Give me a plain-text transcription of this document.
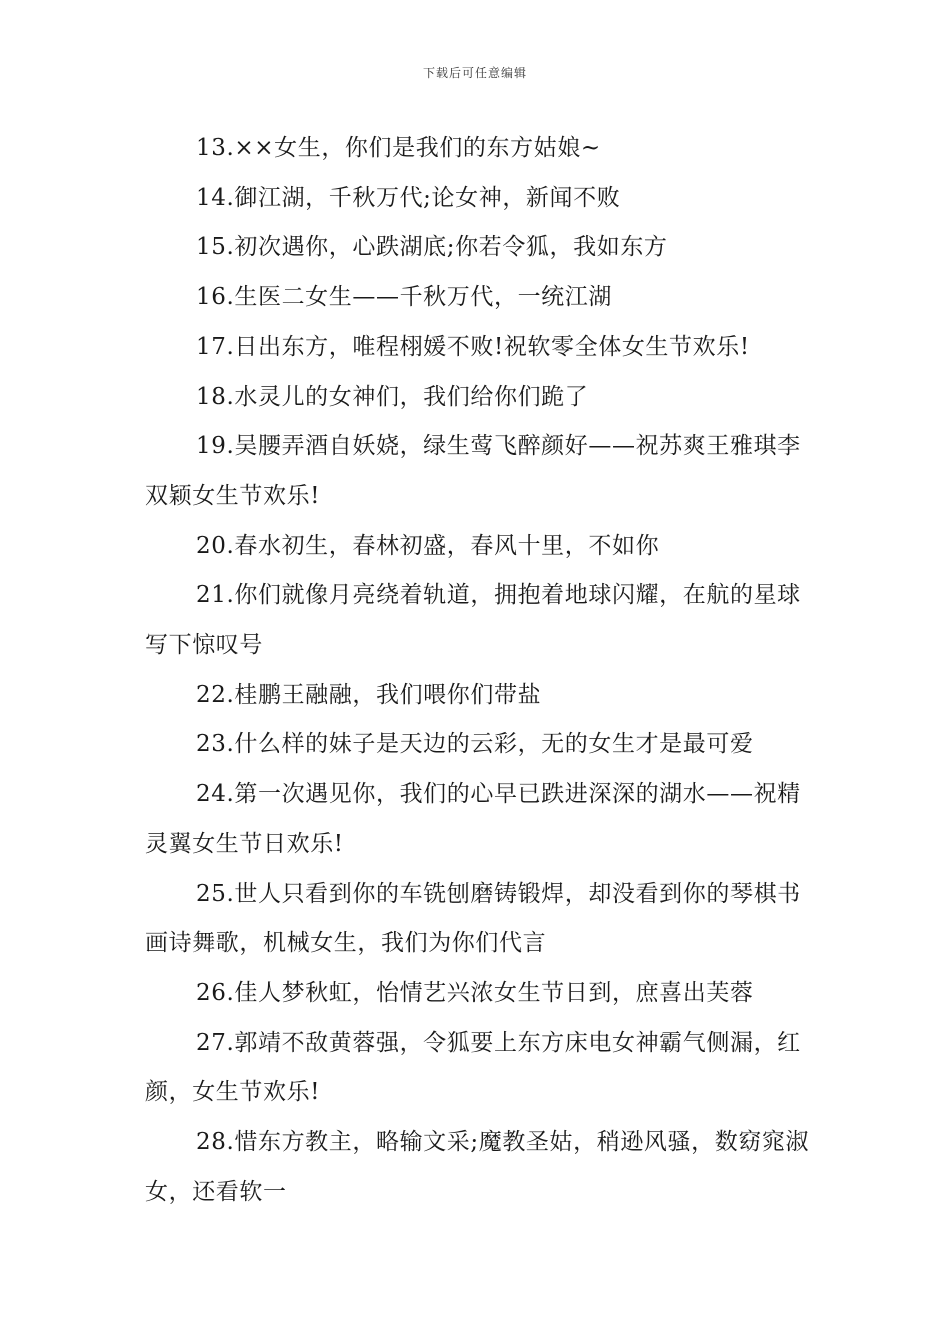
下载后可任意编辑

13.××女生，你们是我们的东方姑娘~

14.御江湖，千秋万代;论女神，新闻不败

15.初次遇你，心跌湖底;你若令狐，我如东方

16.生医二女生——千秋万代，一统江湖

17.日出东方，唯程栩媛不败!祝软零全体女生节欢乐!

18.水灵儿的女神们，我们给你们跪了

19.吴腰弄酒自妖娆，绿生莺飞醉颜好——祝苏爽王雅琪李双颖女生节欢乐!

20.春水初生，春林初盛，春风十里，不如你

21.你们就像月亮绕着轨道，拥抱着地球闪耀，在航的星球写下惊叹号

22.桂鹏王融融，我们喂你们带盐

23.什么样的妹子是天边的云彩，无的女生才是最可爱

24.第一次遇见你，我们的心早已跌进深深的湖水——祝精灵翼女生节日欢乐!

25.世人只看到你的车铣刨磨铸锻焊，却没看到你的琴棋书画诗舞歌，机械女生，我们为你们代言

26.佳人梦秋虹，怡情艺兴浓女生节日到，庶喜出芙蓉

27.郭靖不敌黄蓉强，令狐要上东方床电女神霸气侧漏，红颜，女生节欢乐!

28.惜东方教主，略输文采;魔教圣姑，稍逊风骚，数窈窕淑女，还看软一
